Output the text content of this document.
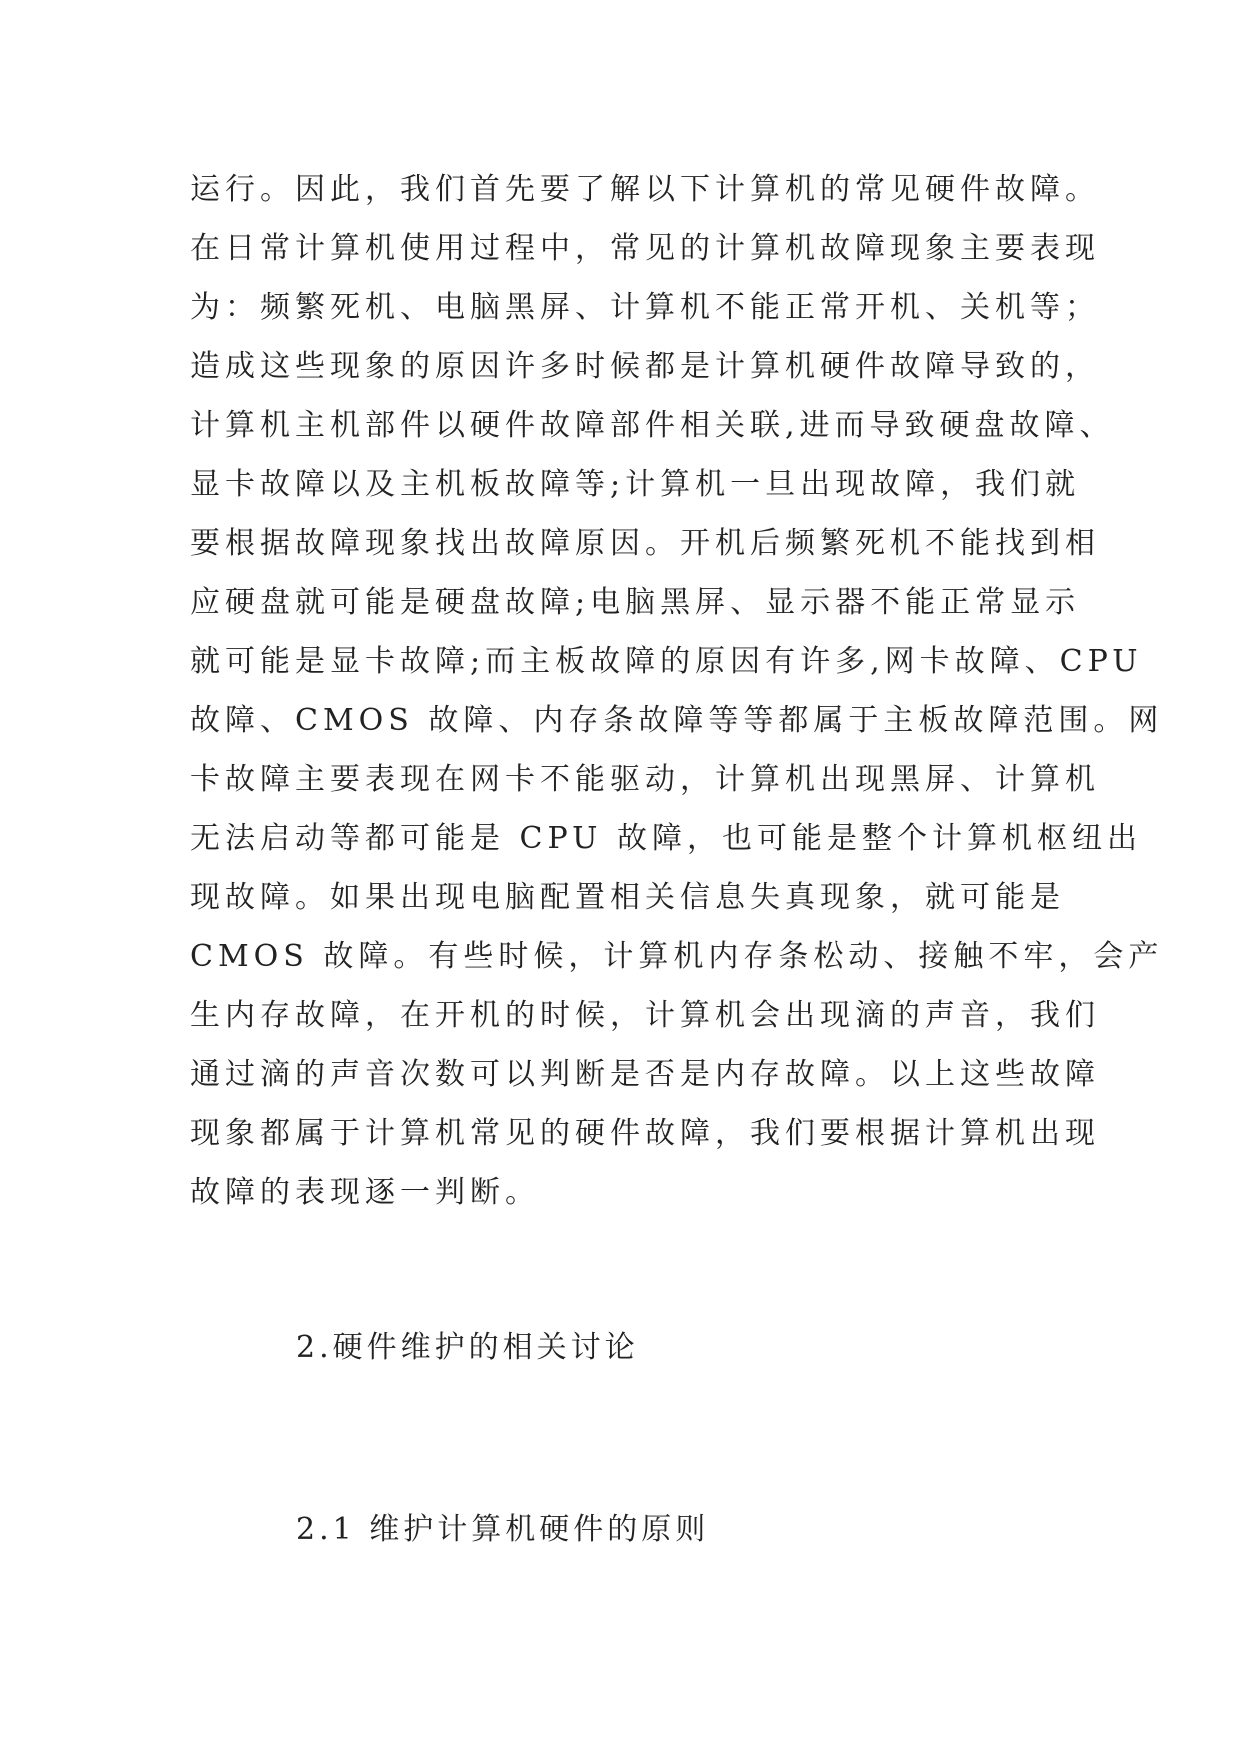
运行。因此，我们首先要了解以下计算机的常见硬件故障。
在日常计算机使用过程中，常见的计算机故障现象主要表现
为：频繁死机、电脑黑屏、计算机不能正常开机、关机等；
造成这些现象的原因许多时候都是计算机硬件故障导致的，
计算机主机部件以硬件故障部件相关联,进而导致硬盘故障、
显卡故障以及主机板故障等;计算机一旦出现故障，我们就
要根据故障现象找出故障原因。开机后频繁死机不能找到相
应硬盘就可能是硬盘故障;电脑黑屏、显示器不能正常显示
就可能是显卡故障;而主板故障的原因有许多,网卡故障、CPU
故障、CMOS 故障、内存条故障等等都属于主板故障范围。网
卡故障主要表现在网卡不能驱动，计算机出现黑屏、计算机
无法启动等都可能是 CPU 故障，也可能是整个计算机枢纽出
现故障。如果出现电脑配置相关信息失真现象，就可能是
CMOS 故障。有些时候，计算机内存条松动、接触不牢，会产
生内存故障，在开机的时候，计算机会出现滴的声音，我们
通过滴的声音次数可以判断是否是内存故障。以上这些故障
现象都属于计算机常见的硬件故障，我们要根据计算机出现
故障的表现逐一判断。
2.硬件维护的相关讨论
2.1 维护计算机硬件的原则
